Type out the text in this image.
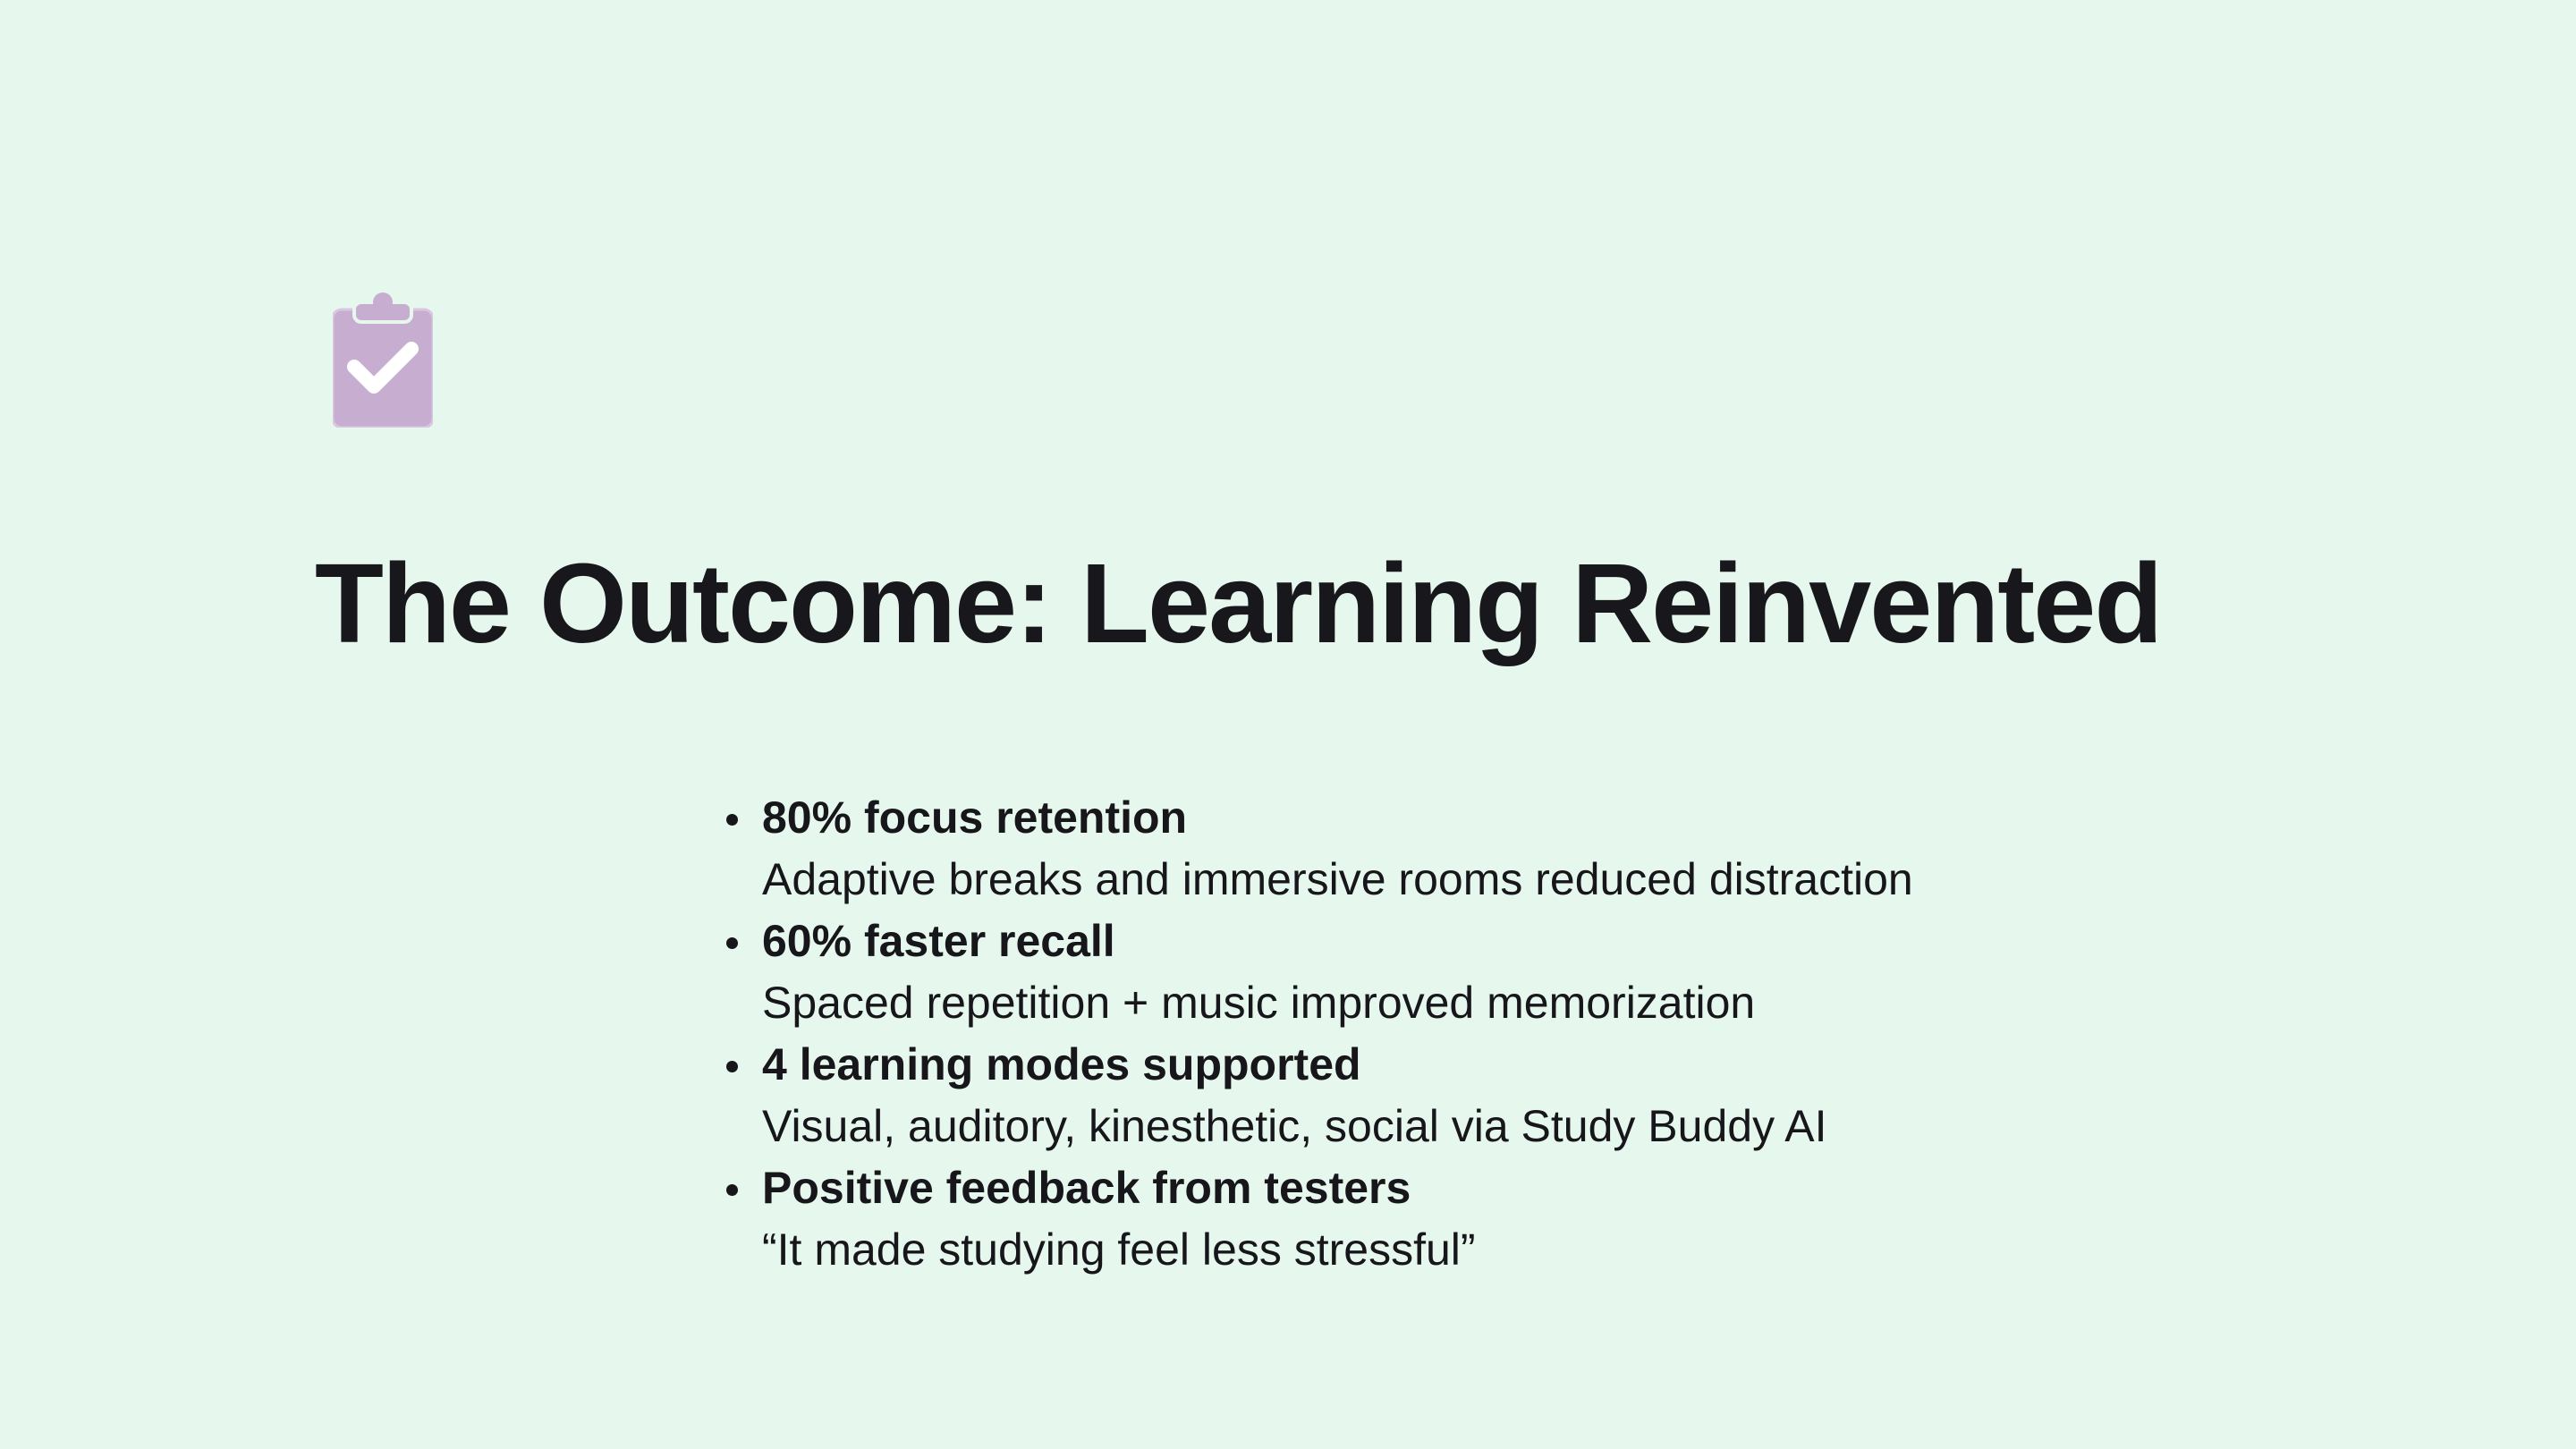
The Outcome: Learning Reinvented
80% focus retention
Adaptive breaks and immersive rooms reduced distraction
60% faster recall
Spaced repetition + music improved memorization
4 learning modes supported
Visual, auditory, kinesthetic, social via Study Buddy AI
Positive feedback from testers
“It made studying feel less stressful”
